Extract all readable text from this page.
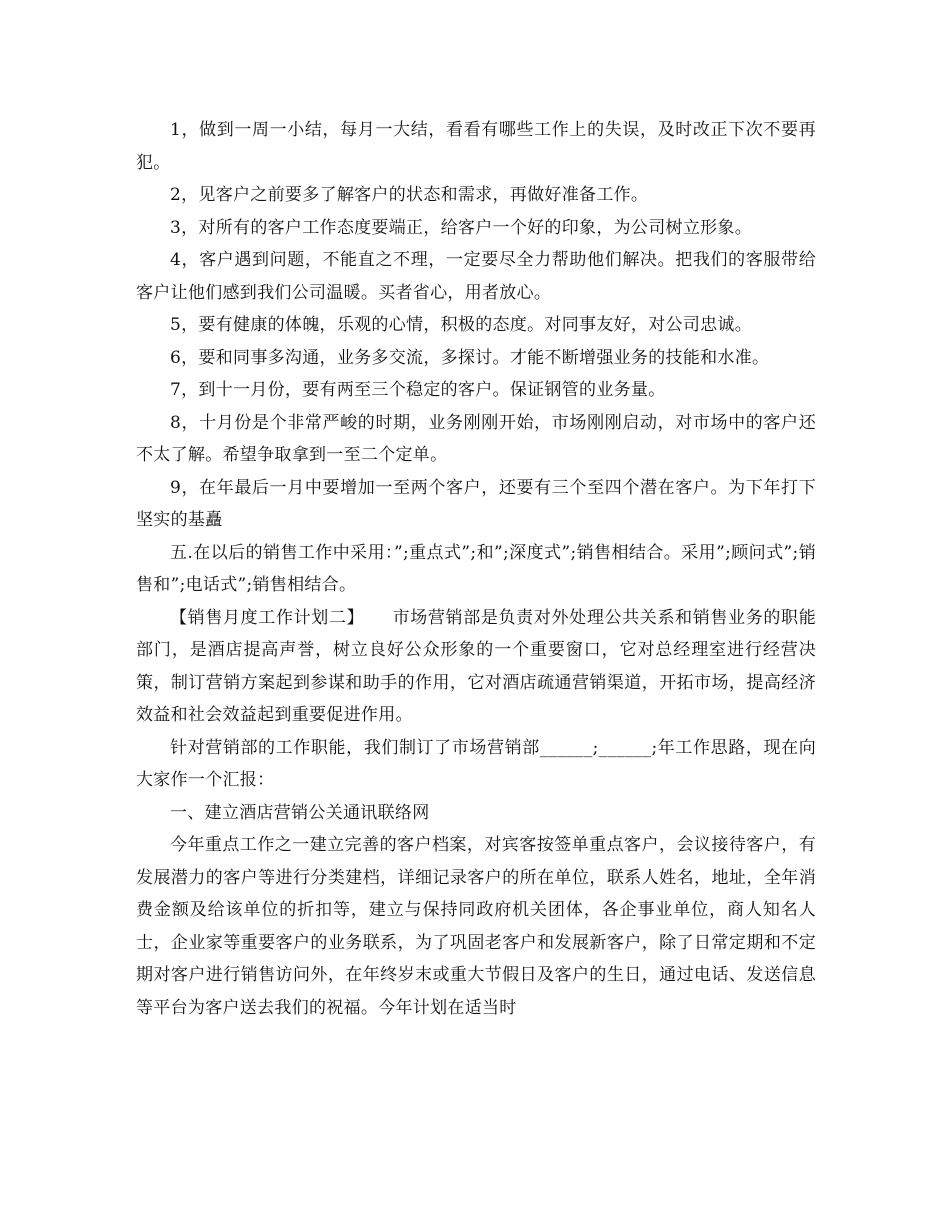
1，做到一周一小结，每月一大结，看看有哪些工作上的失误，及时改正下次不要再犯。

2，见客户之前要多了解客户的状态和需求，再做好准备工作。

3，对所有的客户工作态度要端正，给客户一个好的印象，为公司树立形象。

4，客户遇到问题，不能直之不理，一定要尽全力帮助他们解决。把我们的客服带给客户让他们感到我们公司温暖。买者省心，用者放心。

5，要有健康的体魄，乐观的心情，积极的态度。对同事友好，对公司忠诚。

6，要和同事多沟通，业务多交流，多探讨。才能不断增强业务的技能和水准。

7，到十一月份，要有两至三个稳定的客户。保证钢管的业务量。

8，十月份是个非常严峻的时期，业务刚刚开始，市场刚刚启动，对市场中的客户还不太了解。希望争取拿到一至二个定单。

9，在年最后一月中要增加一至两个客户，还要有三个至四个潜在客户。为下年打下坚实的基矗

五.在以后的销售工作中采用：”;重点式”;和”;深度式”;销售相结合。采用”;顾问式”;销售和”;电话式”;销售相结合。

【销售月度工作计划二】 市场营销部是负责对外处理公共关系和销售业务的职能部门，是酒店提高声誉，树立良好公众形象的一个重要窗口，它对总经理室进行经营决策，制订营销方案起到参谋和助手的作用，它对酒店疏通营销渠道，开拓市场，提高经济效益和社会效益起到重要促进作用。

针对营销部的工作职能，我们制订了市场营销部______;______;年工作思路，现在向大家作一个汇报：

一、建立酒店营销公关通讯联络网

今年重点工作之一建立完善的客户档案，对宾客按签单重点客户，会议接待客户，有发展潜力的客户等进行分类建档，详细记录客户的所在单位，联系人姓名，地址，全年消费金额及给该单位的折扣等，建立与保持同政府机关团体，各企事业单位，商人知名人士，企业家等重要客户的业务联系，为了巩固老客户和发展新客户，除了日常定期和不定期对客户进行销售访问外，在年终岁末或重大节假日及客户的生日，通过电话、发送信息等平台为客户送去我们的祝福。今年计划在适当时
